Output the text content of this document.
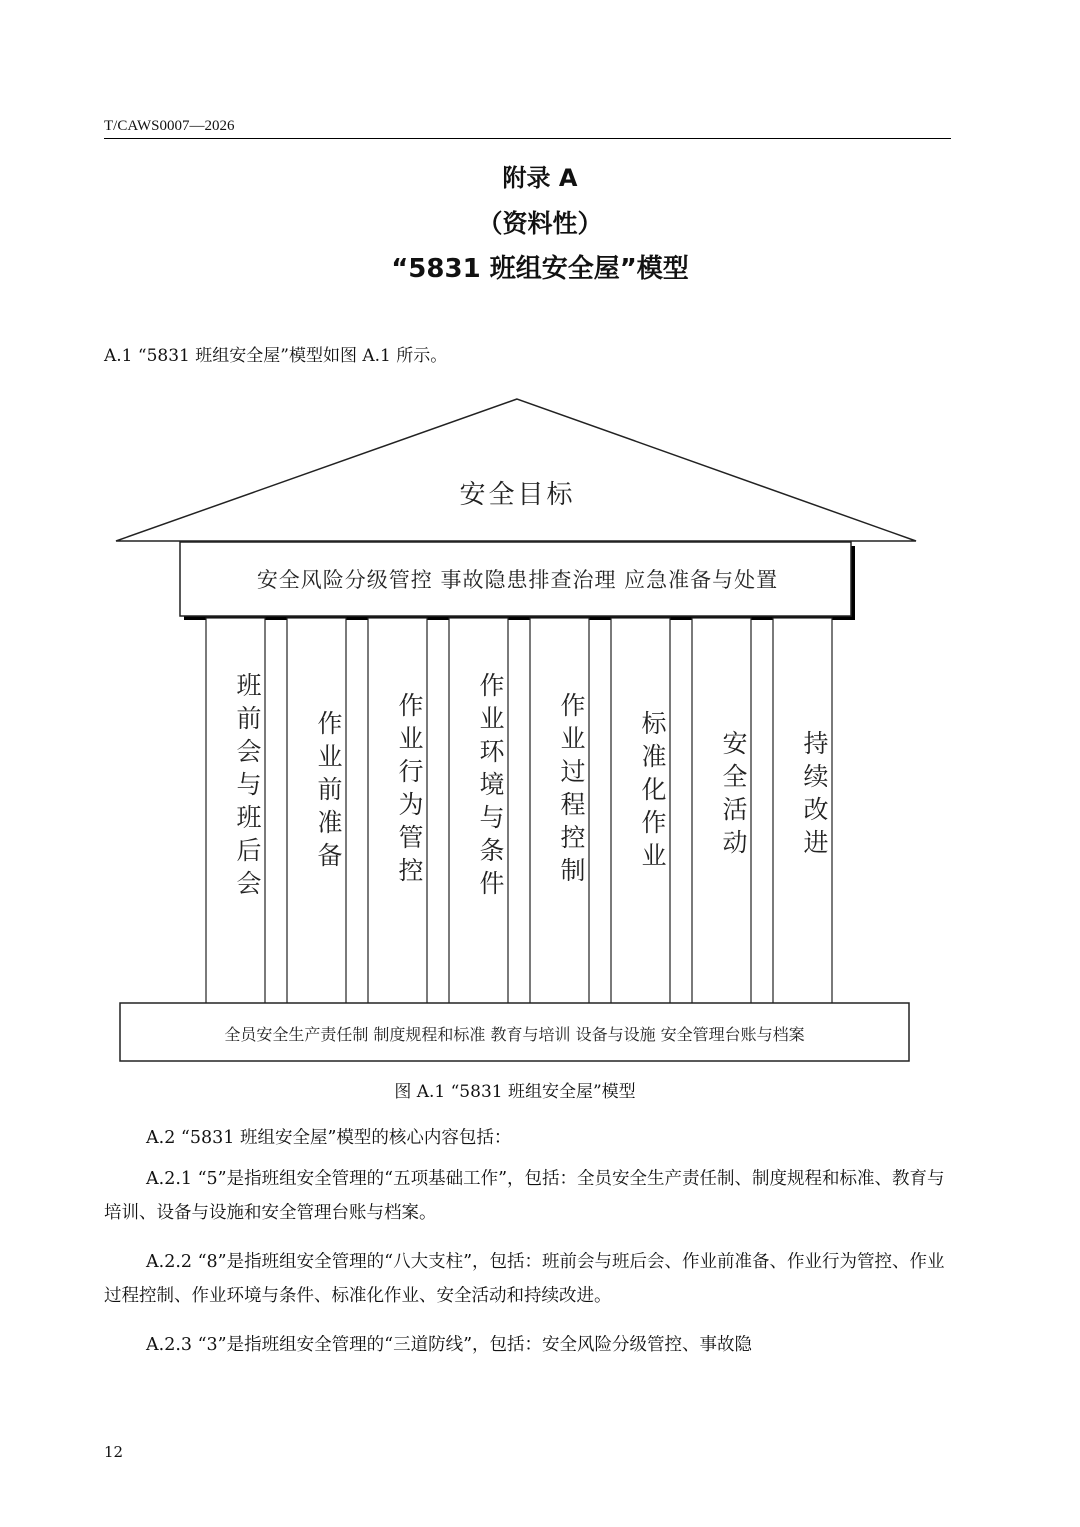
T/CAWS0007—2026
附录 A
（资料性）
“5831 班组安全屋”模型
A.1 “5831 班组安全屋”模型如图 A.1 所示。
安全目标
安全风险分级管控 事故隐患排查治理 应急准备与处置
班前会与班后会	作业前准备	作业行为管控	作业环境与条件	作业过程控制	标准化作业	安全活动	持续改进
全员安全生产责任制 制度规程和标准 教育与培训 设备与设施 安全管理台账与档案
图 A.1 “5831 班组安全屋”模型
A.2 “5831 班组安全屋”模型的核心内容包括：
A.2.1 “5”是指班组安全管理的“五项基础工作”，包括：全员安全生产责任制、制度规程和标准、教育与培训、设备与设施和安全管理台账与档案。
A.2.2 “8”是指班组安全管理的“八大支柱”，包括：班前会与班后会、作业前准备、作业行为管控、作业过程控制、作业环境与条件、标准化作业、安全活动和持续改进。
A.2.3 “3”是指班组安全管理的“三道防线”，包括：安全风险分级管控、事故隐
12
